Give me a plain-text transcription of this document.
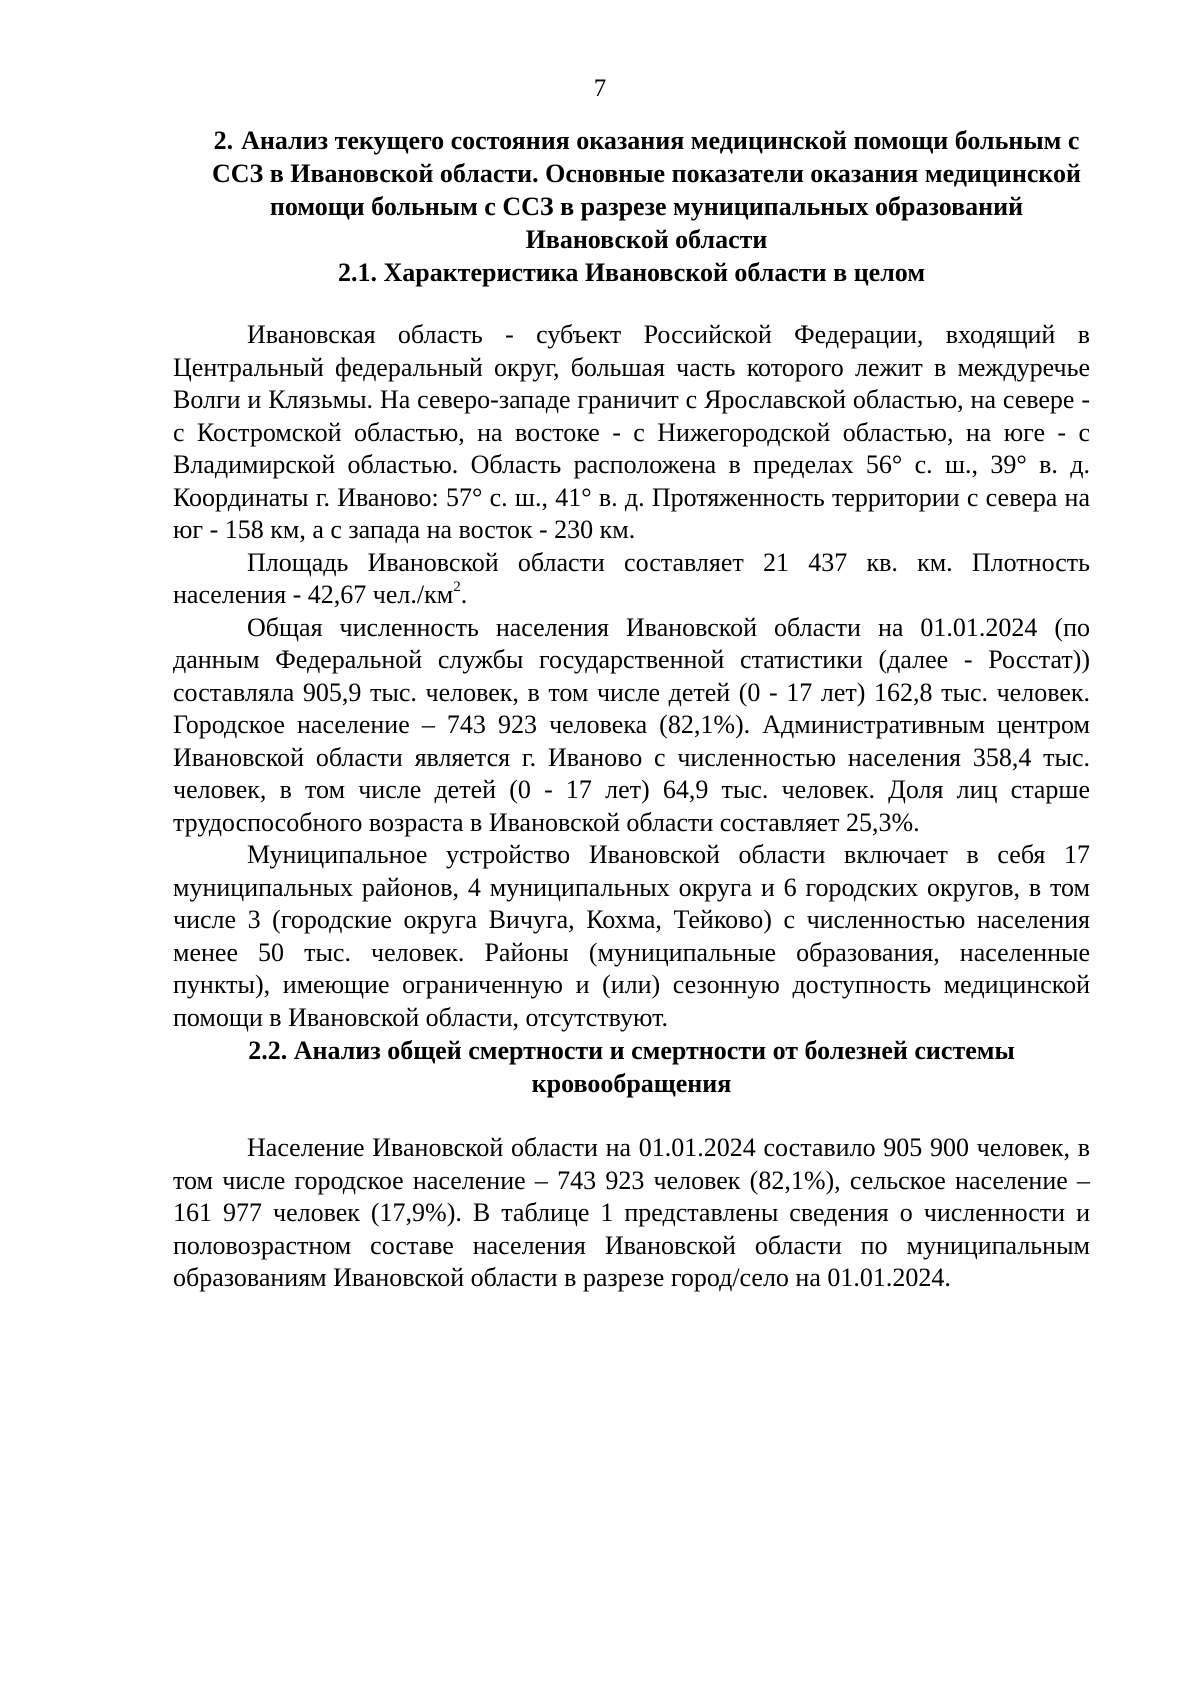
7
2. Анализ текущего состояния оказания медицинской помощи больным с ССЗ в Ивановской области. Основные показатели оказания медицинской помощи больным с ССЗ в разрезе муниципальных образований Ивановской области
2.1. Характеристика Ивановской области в целом

Ивановская область - субъект Российской Федерации, входящий в Центральный федеральный округ, большая часть которого лежит в междуречье Волги и Клязьмы. На северо-западе граничит с Ярославской областью, на севере - с Костромской областью, на востоке - с Нижегородской областью, на юге - с Владимирской областью. Область расположена в пределах 56° с. ш., 39° в. д. Координаты г. Иваново: 57° с. ш., 41° в. д. Протяженность территории с севера на юг - 158 км, а с запада на восток - 230 км.

Площадь Ивановской области составляет 21 437 кв. км. Плотность населения - 42,67 $чел./км^2$.

Общая численность населения Ивановской области на 01.01.2024 (по данным Федеральной службы государственной статистики (далее - Росстат)) составляла 905,9 тыс. человек, в том числе детей (0 - 17 лет) 162,8 тыс. человек. Городское население – 743 923 человека (82,1%). Административным центром Ивановской области является г. Иваново с численностью населения 358,4 тыс. человек, в том числе детей (0 - 17 лет) 64,9 тыс. человек. Доля лиц старше трудоспособного возраста в Ивановской области составляет 25,3%.

Муниципальное устройство Ивановской области включает в себя 17 муниципальных районов, 4 муниципальных округа и 6 городских округов, в том числе 3 (городские округа Вичуга, Кохма, Тейково) с численностью населения менее 50 тыс. человек. Районы (муниципальные образования, населенные пункты), имеющие ограниченную и (или) сезонную доступность медицинской помощи в Ивановской области, отсутствуют.

2.2. Анализ общей смертности и смертности от болезней системы кровообращения

Население Ивановской области на 01.01.2024 составило 905 900 человек, в том числе городское население – 743 923 человек (82,1%), сельское население – 161 977 человек (17,9%). В таблице 1 представлены сведения о численности и половозрастном составе населения Ивановской области по муниципальным образованиям Ивановской области в разрезе город/село на 01.01.2024.
